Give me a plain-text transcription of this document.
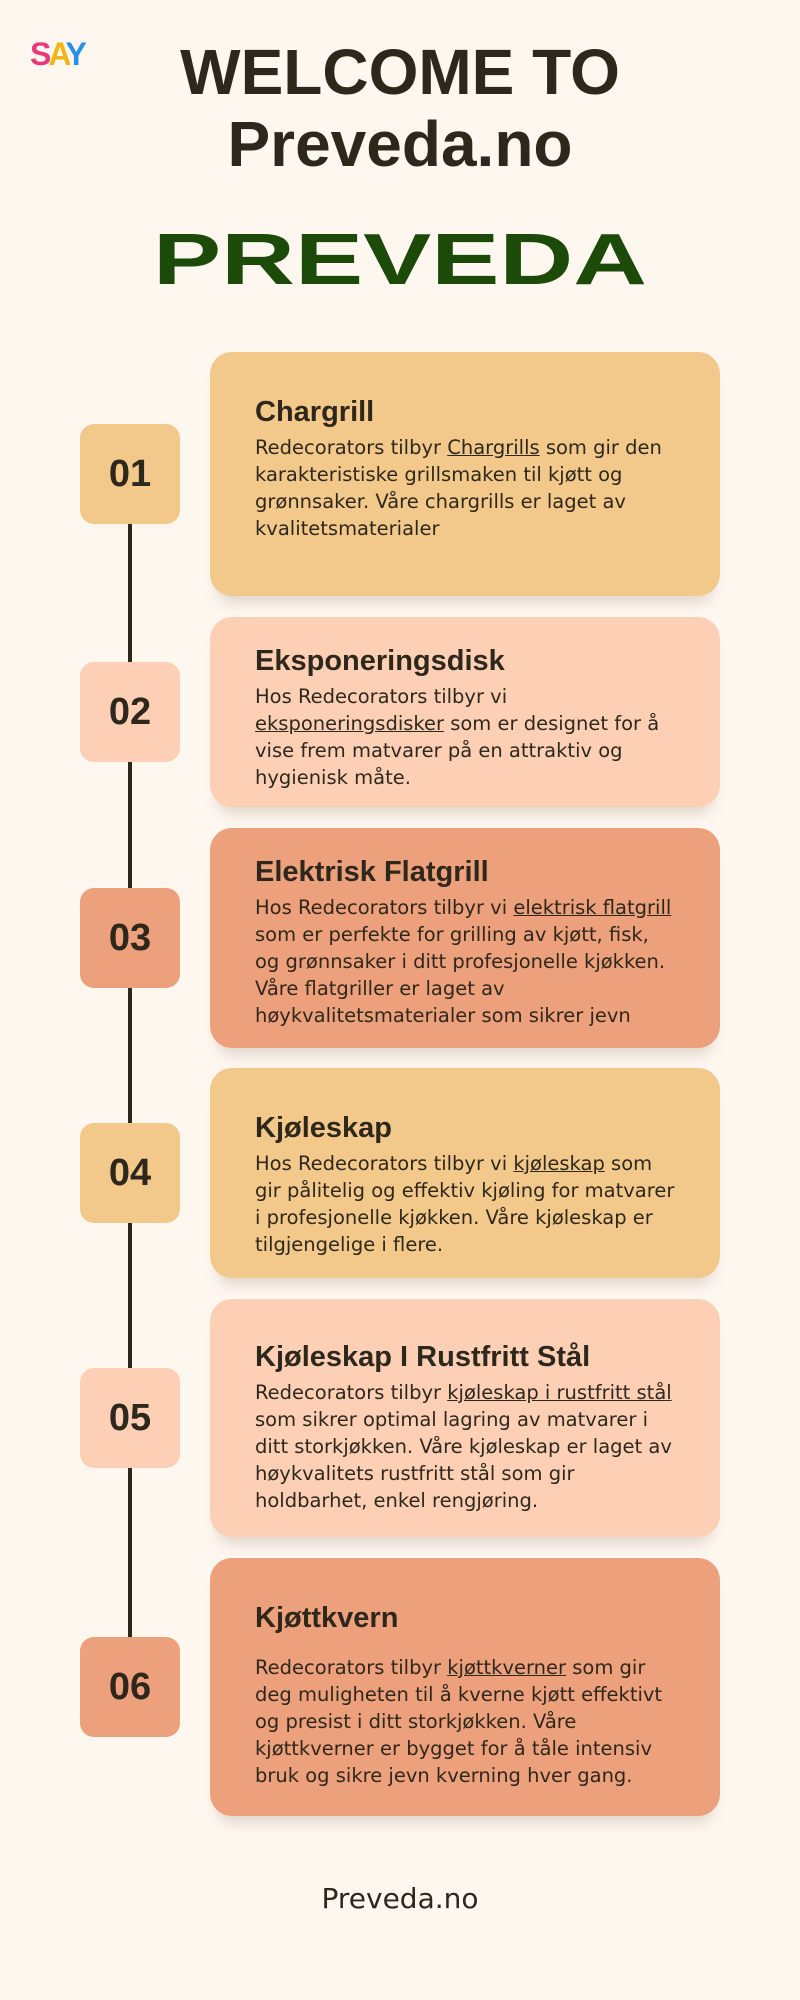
SAY	WELCOME TO
Preveda.no
PREVEDA
01
Chargrill
Redecorators tilbyr Chargrills som gir den karakteristiske grillsmaken til kjøtt og grønnsaker. Våre chargrills er laget av kvalitetsmaterialer
02
Eksponeringsdisk
Hos Redecorators tilbyr vi eksponeringsdisker som er designet for å vise frem matvarer på en attraktiv og hygienisk måte.
03
Elektrisk Flatgrill
Hos Redecorators tilbyr vi elektrisk flatgrill som er perfekte for grilling av kjøtt, fisk, og grønnsaker i ditt profesjonelle kjøkken. Våre flatgriller er laget av høykvalitetsmaterialer som sikrer jevn
04
Kjøleskap
Hos Redecorators tilbyr vi kjøleskap som gir pålitelig og effektiv kjøling for matvarer i profesjonelle kjøkken. Våre kjøleskap er tilgjengelige i flere.
05
Kjøleskap I Rustfritt Stål
Redecorators tilbyr kjøleskap i rustfritt stål som sikrer optimal lagring av matvarer i ditt storkjøkken. Våre kjøleskap er laget av høykvalitets rustfritt stål som gir holdbarhet, enkel rengjøring.
06
Kjøttkvern
Redecorators tilbyr kjøttkverner som gir deg muligheten til å kverne kjøtt effektivt og presist i ditt storkjøkken. Våre kjøttkverner er bygget for å tåle intensiv bruk og sikre jevn kverning hver gang.
Preveda.no
